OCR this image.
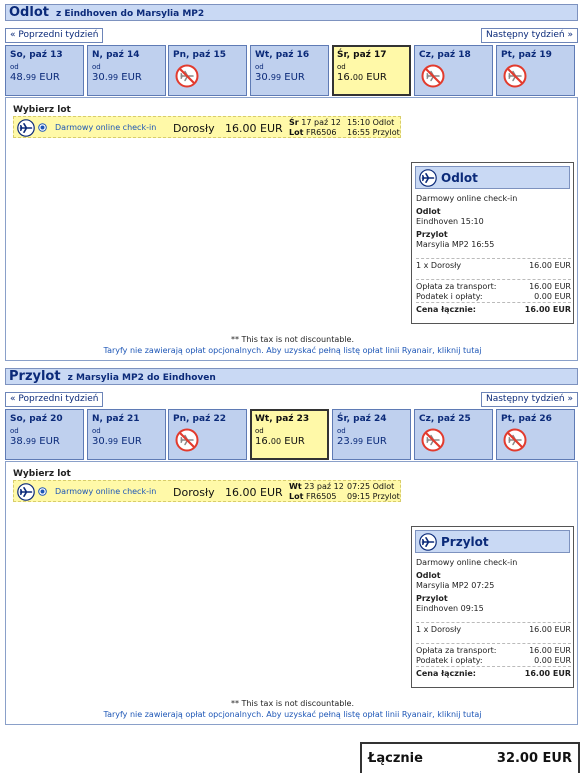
Odlot z Eindhoven do Marsylia MP2
« Poprzedni tydzień	Następny tydzień »
So, paź 13
od
48.99 EUR
N, paź 14
od
30.99 EUR
Pn, paź 15	Wt, paź 16
od
30.99 EUR
Śr, paź 17
od
16.00 EUR
Cz, paź 18	Pt, paź 19
Wybierz lot
Darmowy online check-in Dorosły 16.00 EUR Śr 17 paź 12
Lot FR6506
15:10 Odlot
16:55 Przylot
Odlot
Darmowy online check-in
Odlot
Eindhoven 15:10
Przylot
Marsylia MP2 16:55
1 x Dorosły	16.00 EUR
Opłata za transport:	16.00 EUR
Podatek i opłaty:	0.00 EUR
Cena łącznie:	16.00 EUR
** This tax is not discountable.
Taryfy nie zawierają opłat opcjonalnych. Aby uzyskać pełną listę opłat linii Ryanair, kliknij tutaj
Przylot z Marsylia MP2 do Eindhoven
« Poprzedni tydzień	Następny tydzień »
So, paź 20
od
38.99 EUR
N, paź 21
od
30.99 EUR
Pn, paź 22	Wt, paź 23
od
16.00 EUR
Śr, paź 24
od
23.99 EUR
Cz, paź 25	Pt, paź 26
Wybierz lot
Darmowy online check-in Dorosły 16.00 EUR Wt 23 paź 12
Lot FR6505
07:25 Odlot
09:15 Przylot
Przylot
Darmowy online check-in
Odlot
Marsylia MP2 07:25
Przylot
Eindhoven 09:15
1 x Dorosły	16.00 EUR
Opłata za transport:	16.00 EUR
Podatek i opłaty:	0.00 EUR
Cena łącznie:	16.00 EUR
** This tax is not discountable.
Taryfy nie zawierają opłat opcjonalnych. Aby uzyskać pełną listę opłat linii Ryanair, kliknij tutaj
Łącznie	32.00 EUR
